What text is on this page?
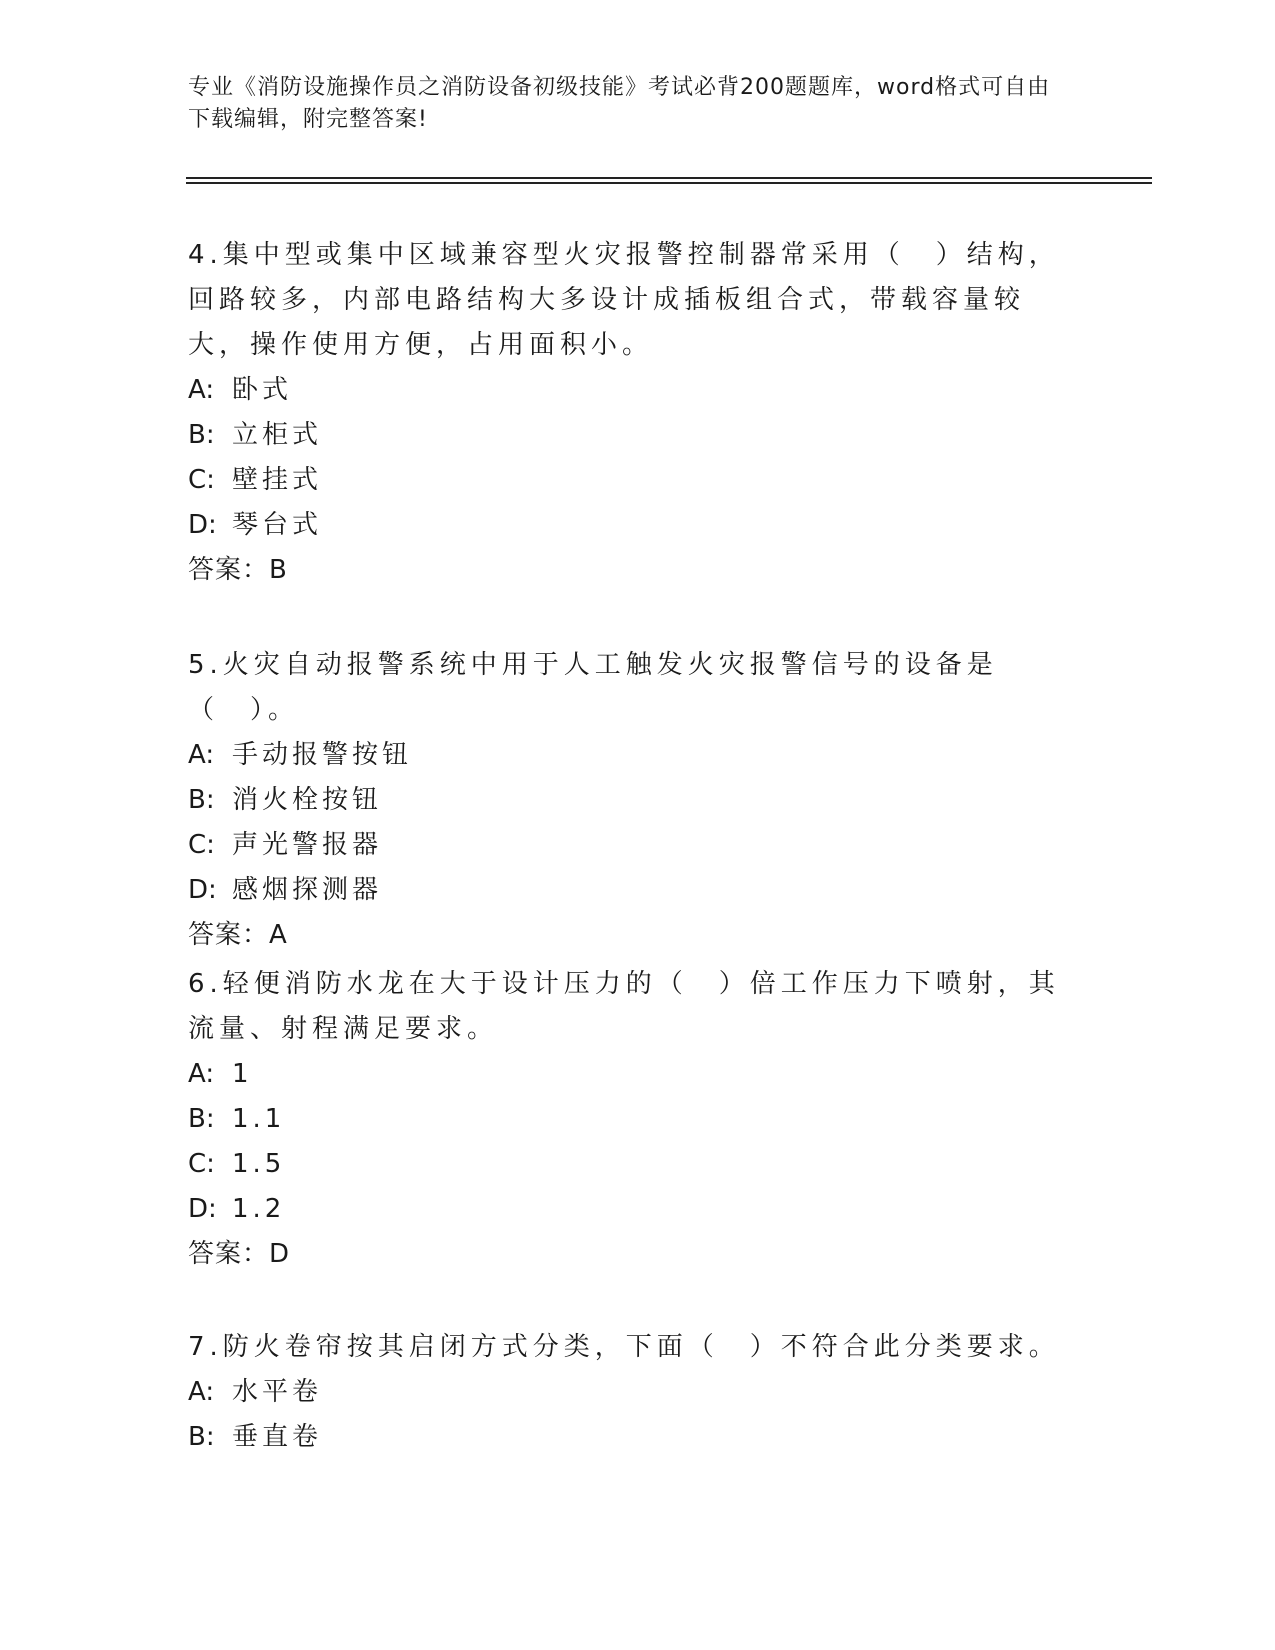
专业《消防设施操作员之消防设备初级技能》考试必背200题题库，word格式可自由下载编辑，附完整答案!
4.集中型或集中区域兼容型火灾报警控制器常采用（　）结构，回路较多，内部电路结构大多设计成插板组合式，带载容量较大，操作使用方便，占用面积小。
A: 卧式
B: 立柜式
C: 壁挂式
D: 琴台式
答案：B
5.火灾自动报警系统中用于人工触发火灾报警信号的设备是（　）。
A: 手动报警按钮
B: 消火栓按钮
C: 声光警报器
D: 感烟探测器
答案：A
6.轻便消防水龙在大于设计压力的（　）倍工作压力下喷射，其流量、射程满足要求。
A: 1
B: 1.1
C: 1.5
D: 1.2
答案：D
7.防火卷帘按其启闭方式分类，下面（　）不符合此分类要求。
A: 水平卷
B: 垂直卷
